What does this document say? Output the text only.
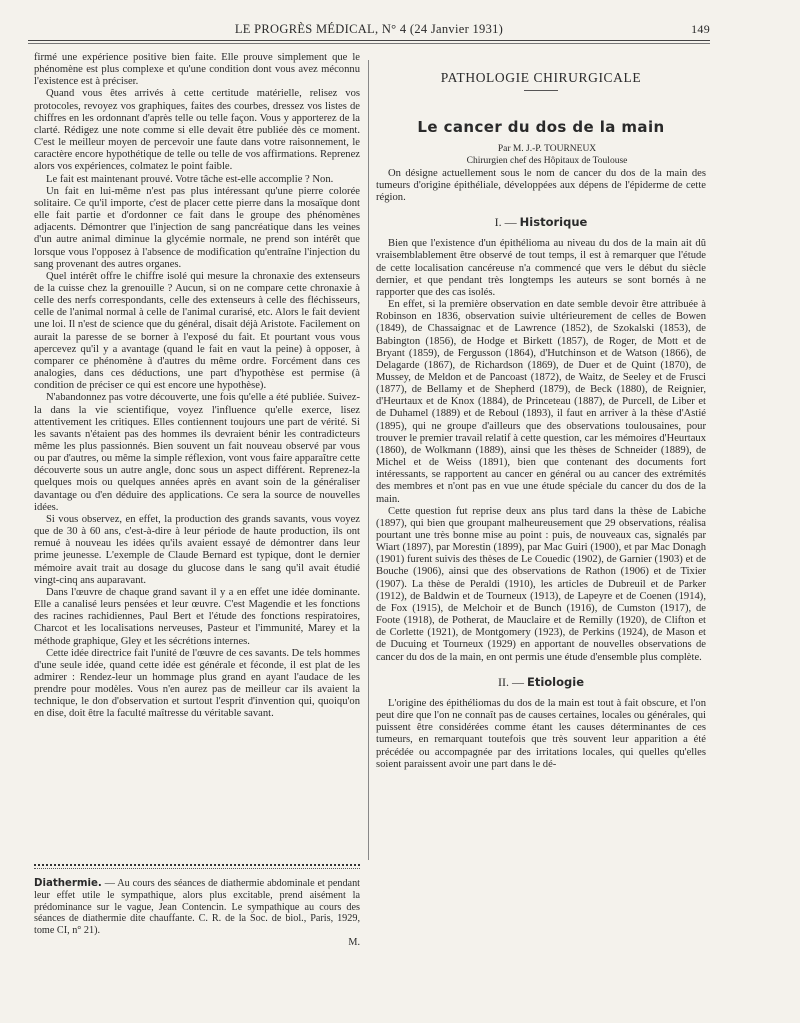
LE PROGRÈS MÉDICAL, N° 4 (24 Janvier 1931)	149

firmé une expérience positive bien faite. Elle prouve simplement que le phénomène est plus complexe et qu'une condition dont vous avez méconnu l'existence est à préciser.

Quand vous êtes arrivés à cette certitude matérielle, relisez vos protocoles, revoyez vos graphiques, faites des courbes, dressez vos listes de chiffres en les ordonnant d'après telle ou telle façon. Vous y apporterez de la clarté. Rédigez une note comme si elle devait être publiée dès ce moment. C'est le meilleur moyen de percevoir une faute dans votre raisonnement, le caractère encore hypothétique de telle ou telle de vos affirmations. Reprenez alors vos expériences, colmatez le point faible.

Le fait est maintenant prouvé. Votre tâche est-elle accomplie ? Non.

Un fait en lui-même n'est pas plus intéressant qu'une pierre colorée solitaire. Ce qu'il importe, c'est de placer cette pierre dans la mosaïque dont elle fait partie et d'ordonner ce fait dans le groupe des phénomènes adjacents. Démontrer que l'injection de sang pancréatique dans les veines d'un autre animal diminue la glycémie normale, ne prend son intérêt que lorsque vous l'opposez à l'absence de modification qu'entraîne l'injection du sang provenant des autres organes.

Quel intérêt offre le chiffre isolé qui mesure la chronaxie des extenseurs de la cuisse chez la grenouille ? Aucun, si on ne compare cette chronaxie à celle des nerfs correspondants, celle des extenseurs à celle des fléchisseurs, celle de l'animal normal à celle de l'animal curarisé, etc. Alors le fait devient une loi. Il n'est de science que du général, disait déjà Aristote. Facilement on aurait la paresse de se borner à l'exposé du fait. Et pourtant vous vous apercevez qu'il y a avantage (quand le fait en vaut la peine) à opposer, à comparer ce phénomène à d'autres du même ordre. Forcément dans ces analogies, dans ces déductions, une part d'hypothèse est permise (à condition de préciser ce qui est encore une hypothèse).

N'abandonnez pas votre découverte, une fois qu'elle a été publiée. Suivez-la dans la vie scientifique, voyez l'influence qu'elle exerce, lisez attentivement les critiques. Elles contiennent toujours une part de vérité. Si les savants n'étaient pas des hommes ils devraient bénir les contradicteurs même les plus passionnés. Bien souvent un fait nouveau observé par vous ou par d'autres, ou même la simple réflexion, vont vous faire apparaître cette découverte sous un autre angle, donc sous un aspect différent. Reprenez-la quelques mois ou quelques années après en avant soin de la généraliser davantage ou d'en déduire des applications. Ce sera la source de nouvelles idées.

Si vous observez, en effet, la production des grands savants, vous voyez que de 30 à 60 ans, c'est-à-dire à leur période de haute production, ils ont remué à nouveau les idées qu'ils avaient essayé de démontrer dans leur prime jeunesse. L'exemple de Claude Bernard est typique, dont le dernier mémoire avait trait au dosage du glucose dans le sang qu'il avait étudié vingt-cinq ans auparavant.

Dans l'œuvre de chaque grand savant il y a en effet une idée dominante. Elle a canalisé leurs pensées et leur œuvre. C'est Magendie et les fonctions des racines rachidiennes, Paul Bert et l'étude des fonctions respiratoires, Charcot et les localisations nerveuses, Pasteur et l'immunité, Marey et la méthode graphique, Gley et les sécrétions internes.

Cette idée directrice fait l'unité de l'œuvre de ces savants. De tels hommes d'une seule idée, quand cette idée est générale et féconde, il est plat de les admirer : Rendez-leur un hommage plus grand en ayant l'audace de les prendre pour modèles. Vous n'en aurez pas de meilleur car ils avaient la technique, le don d'observation et surtout l'esprit d'invention qui, quoiqu'on en dise, doit être la faculté maîtresse du véritable savant.

Diathermie. — Au cours des séances de diathermie abdominale et pendant leur effet utile le sympathique, alors plus excitable, prend aisément la prédominance sur le vague, Jean Contencin. Le sympathique au cours des séances de diathermie dite chauffante. C. R. de la Soc. de biol., Paris, 1929, tome CI, n° 21).
M.
PATHOLOGIE CHIRURGICALE
Le cancer du dos de la main

Par M. J.-P. TOURNEUX

Chirurgien chef des Hôpitaux de Toulouse

On désigne actuellement sous le nom de cancer du dos de la main des tumeurs d'origine épithéliale, développées aux dépens de l'épiderme de cette région.

I. — Historique

Bien que l'existence d'un épithélioma au niveau du dos de la main ait dû vraisemblablement être observé de tout temps, il est à remarquer que l'étude de cette localisation cancéreuse n'a commencé que vers le début du siècle dernier, et que pendant très longtemps les auteurs se sont bornés à ne rapporter que des cas isolés.

En effet, si la première observation en date semble devoir être attribuée à Robinson en 1836, observation suivie ultérieurement de celles de Bowen (1849), de Chassaignac et de Lawrence (1852), de Szokalski (1853), de Babington (1856), de Hodge et Birkett (1857), de Roger, de Mott et de Bryant (1859), de Fergusson (1864), d'Hutchinson et de Watson (1866), de Delagarde (1867), de Richardson (1869), de Duer et de Quint (1870), de Mussey, de Meldon et de Pancoast (1872), de Waitz, de Seeley et de Frusci (1877), de Bellamy et de Shepherd (1879), de Beck (1880), de Reignier, d'Heurtaux et de Knox (1884), de Princeteau (1887), de Purcell, de Liber et de Duhamel (1889) et de Reboul (1893), il faut en arriver à la thèse d'Astié (1895), qui ne groupe d'ailleurs que des observations toulousaines, pour trouver le premier travail relatif à cette question, car les mémoires d'Heurtaux (1860), de Wolkmann (1889), ainsi que les thèses de Schneider (1889), de Michel et de Weiss (1891), bien que contenant des documents fort intéressants, se rapportent au cancer en général ou au cancer des extrémités des membres et n'ont pas en vue une étude spéciale du cancer du dos de la main.

Cette question fut reprise deux ans plus tard dans la thèse de Labiche (1897), qui bien que groupant malheureusement que 29 observations, réalisa pourtant une très bonne mise au point : puis, de nouveaux cas, signalés par Wiart (1897), par Morestin (1899), par Mac Guiri (1900), et par Mac Donagh (1901) furent suivis des thèses de Le Couedic (1902), de Garnier (1903) et de Bouche (1906), ainsi que des observations de Rathon (1906) et de Tixier (1907). La thèse de Peraldi (1910), les articles de Dubreuil et de Parker (1912), de Baldwin et de Tourneux (1913), de Lapeyre et de Coenen (1914), de Fox (1915), de Melchoir et de Bunch (1916), de Cumston (1917), de Foote (1918), de Potherat, de Mauclaire et de Remilly (1920), de Clifton et de Corlette (1921), de Montgomery (1923), de Perkins (1924), de Mason et de Ducuing et Tourneux (1929) en apportant de nouvelles observations de cancer du dos de la main, en ont permis une étude d'ensemble plus complète.

II. — Etiologie

L'origine des épithéliomas du dos de la main est tout à fait obscure, et l'on peut dire que l'on ne connaît pas de causes certaines, locales ou générales, qui puissent être considérées comme étant les causes déterminantes de ces tumeurs, en remarquant toutefois que très souvent leur apparition a été précédée ou accompagnée par des irritations locales, qui quelles qu'elles soient paraissent avoir une part dans le dé-
